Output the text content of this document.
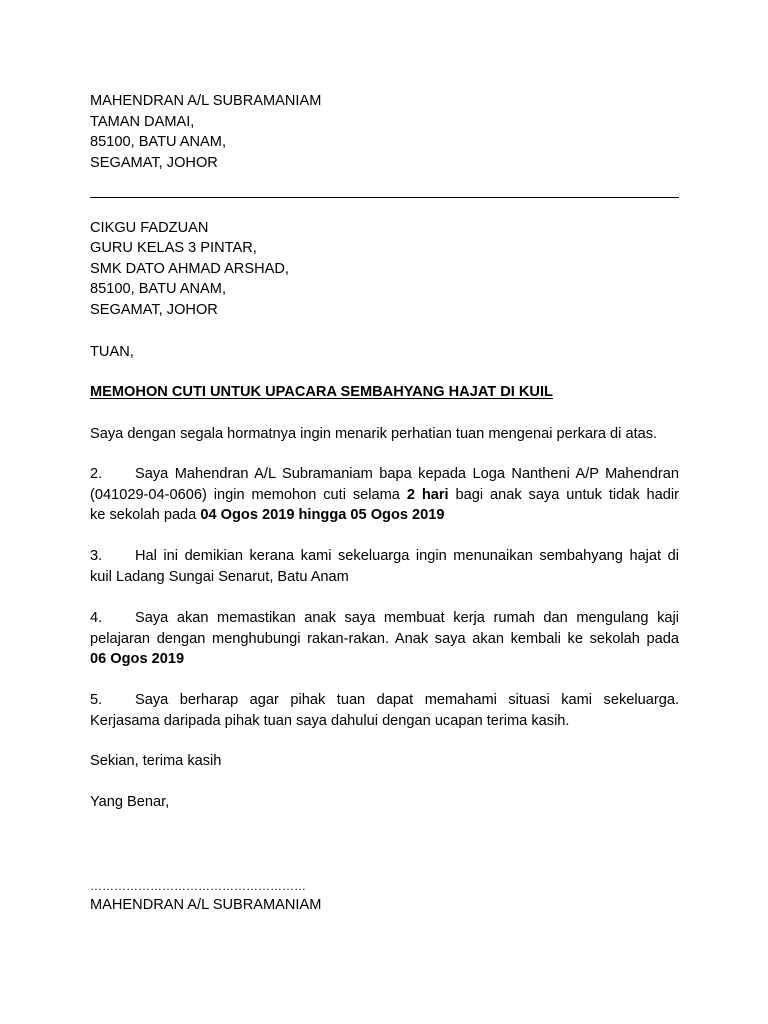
MAHENDRAN A/L SUBRAMANIAM
TAMAN DAMAI,
85100, BATU ANAM,
SEGAMAT, JOHOR
CIKGU FADZUAN
GURU KELAS 3 PINTAR,
SMK DATO AHMAD ARSHAD,
85100, BATU ANAM,
SEGAMAT, JOHOR
TUAN,
MEMOHON CUTI UNTUK UPACARA SEMBAHYANG HAJAT DI KUIL
Saya dengan segala hormatnya ingin menarik perhatian tuan mengenai perkara di atas.
2. Saya Mahendran A/L Subramaniam bapa kepada Loga Nantheni A/P Mahendran
(041029-04-0606) ingin memohon cuti selama 2 hari bagi anak saya untuk tidak hadir
ke sekolah pada 04 Ogos 2019 hingga 05 Ogos 2019
3. Hal ini demikian kerana kami sekeluarga ingin menunaikan sembahyang hajat di
kuil Ladang Sungai Senarut, Batu Anam
4. Saya akan memastikan anak saya membuat kerja rumah dan mengulang kaji
pelajaran dengan menghubungi rakan-rakan. Anak saya akan kembali ke sekolah pada
06 Ogos 2019
5. Saya berharap agar pihak tuan dapat memahami situasi kami sekeluarga.
Kerjasama daripada pihak tuan saya dahului dengan ucapan terima kasih.
Sekian, terima kasih
Yang Benar,
………………………………………………
MAHENDRAN A/L SUBRAMANIAM
